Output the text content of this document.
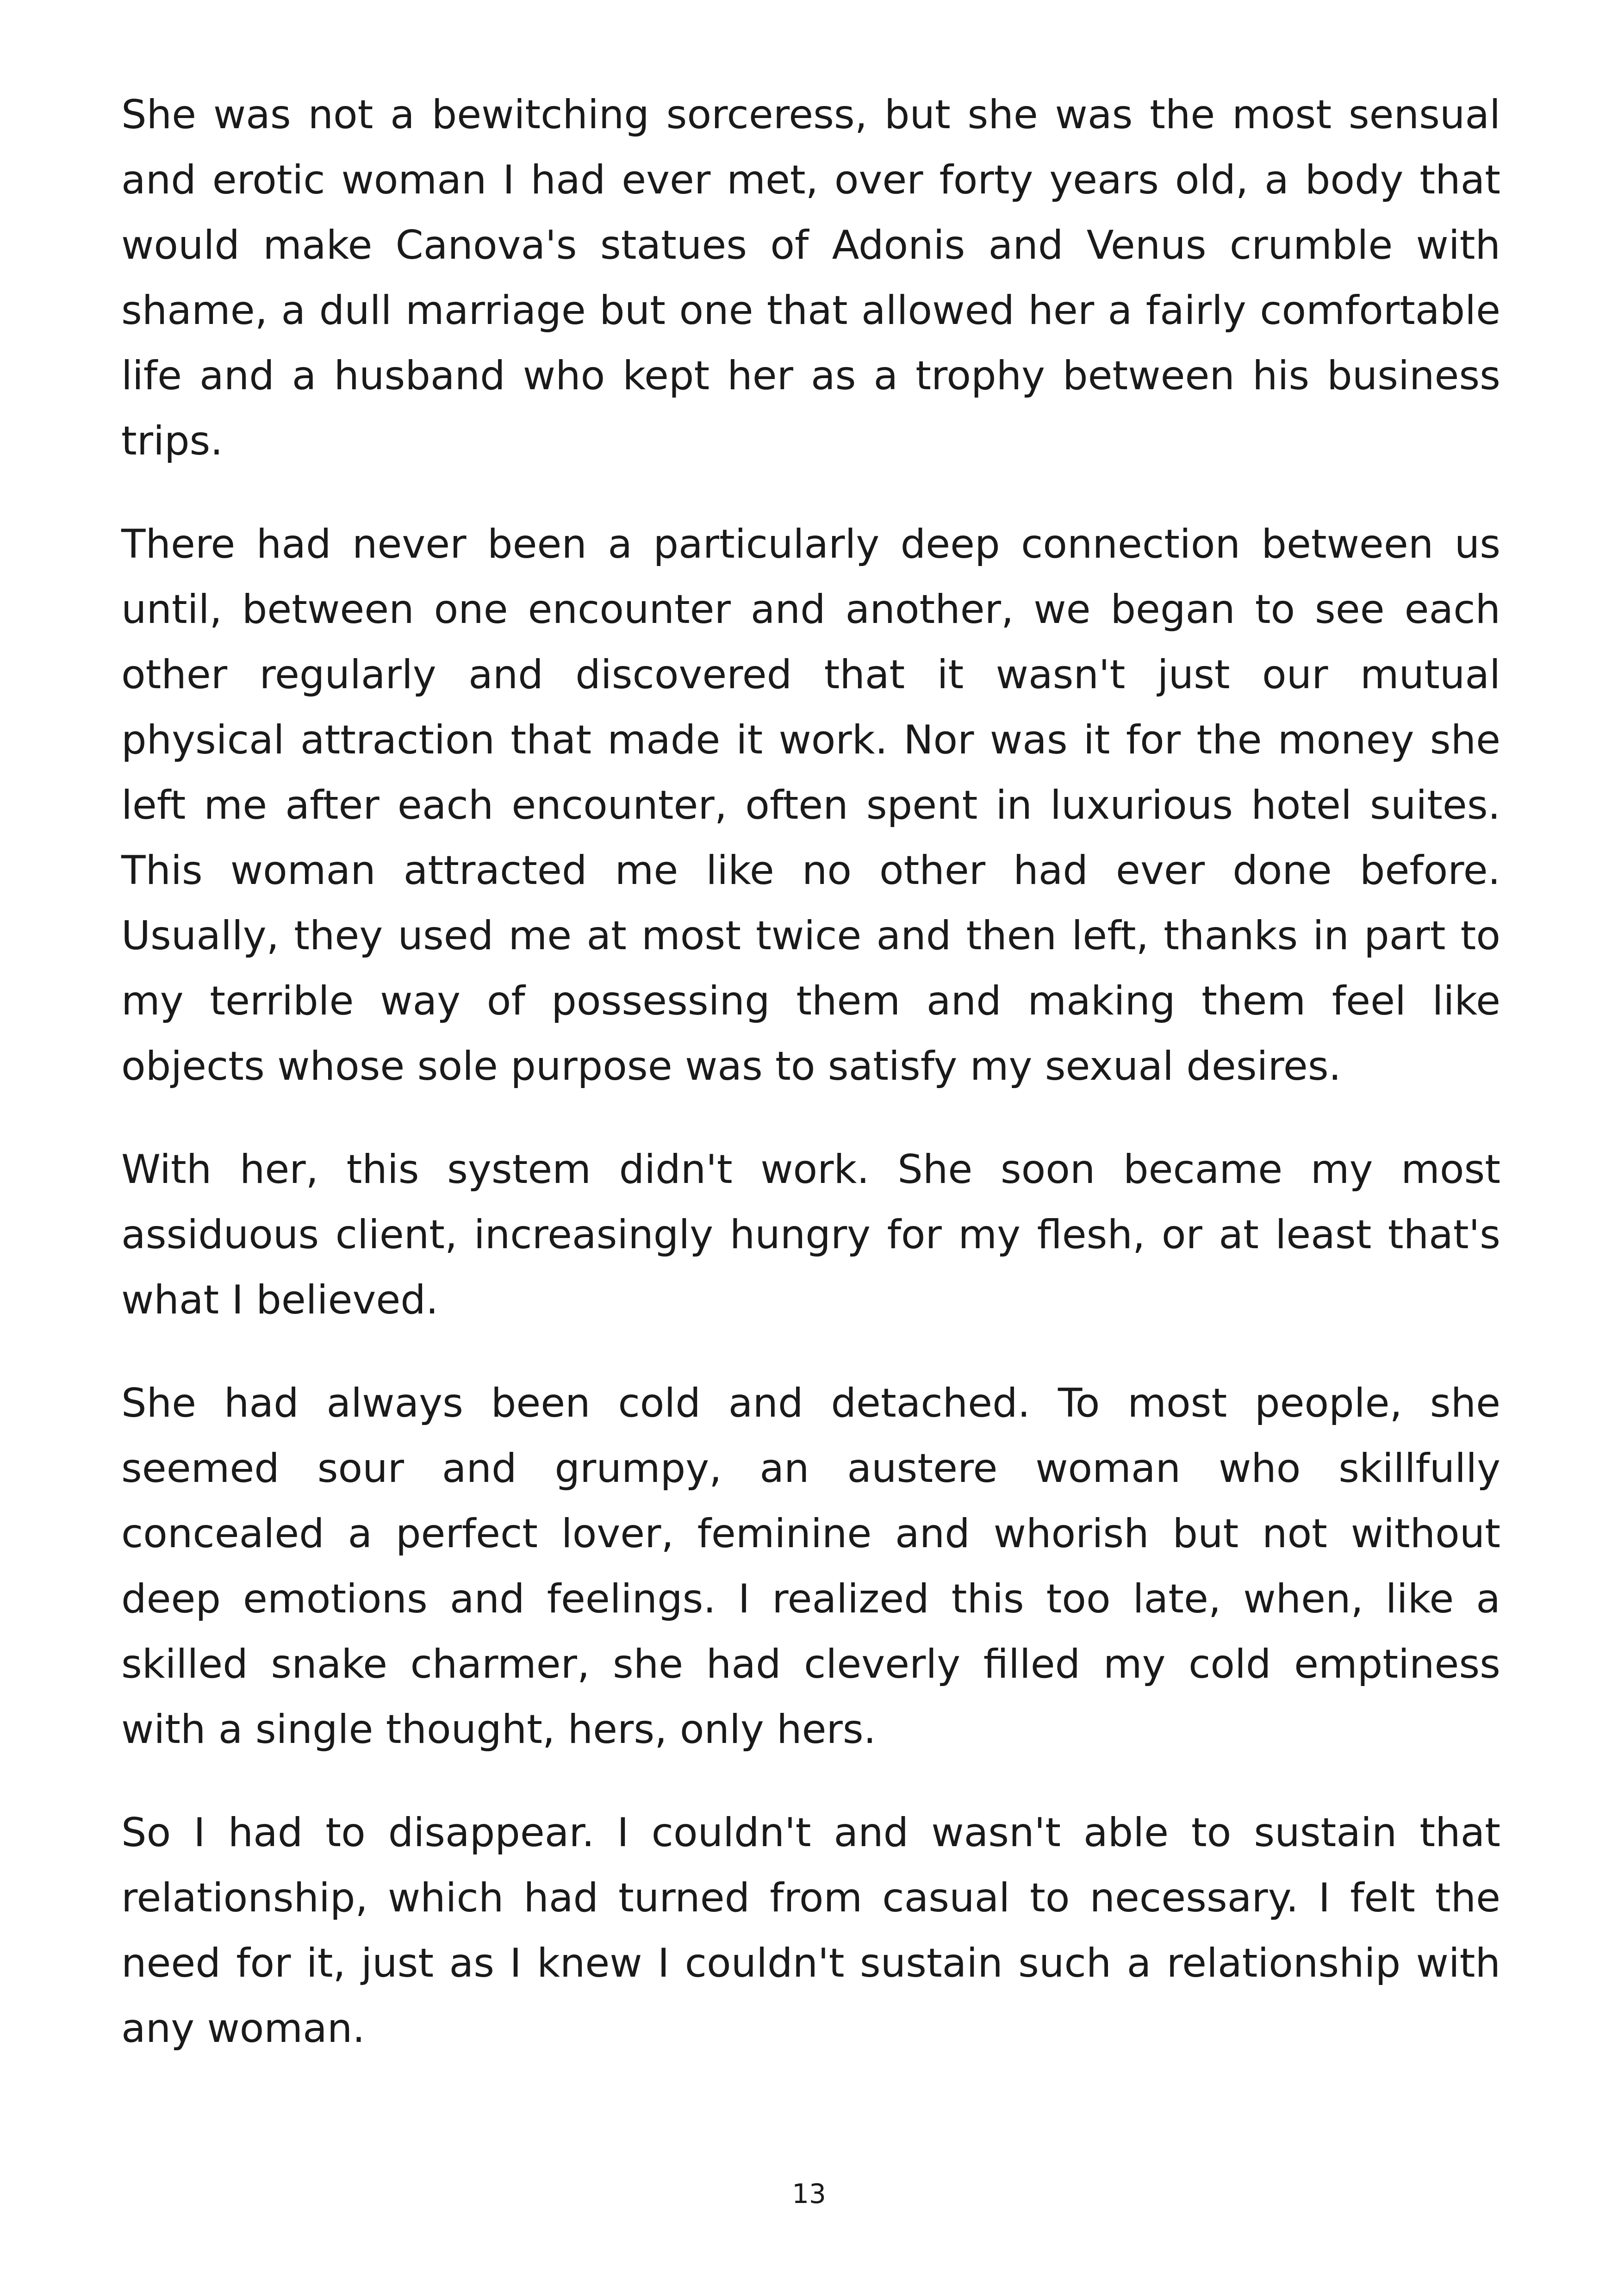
She was not a bewitching sorceress, but she was the most sensual and erotic woman I had ever met, over forty years old, a body that would make Canova's statues of Adonis and Venus crumble with shame, a dull marriage but one that allowed her a fairly comfortable life and a husband who kept her as a trophy between his business trips.

There had never been a particularly deep connection between us until, between one encounter and another, we began to see each other regularly and discovered that it wasn't just our mutual physical attraction that made it work. Nor was it for the money she left me after each encounter, often spent in luxurious hotel suites. This woman attracted me like no other had ever done before. Usually, they used me at most twice and then left, thanks in part to my terrible way of possessing them and making them feel like objects whose sole purpose was to satisfy my sexual desires.

With her, this system didn't work. She soon became my most assiduous client, increasingly hungry for my flesh, or at least that's what I believed.

She had always been cold and detached. To most people, she seemed sour and grumpy, an austere woman who skillfully concealed a perfect lover, feminine and whorish but not without deep emotions and feelings. I realized this too late, when, like a skilled snake charmer, she had cleverly filled my cold emptiness with a single thought, hers, only hers.

So I had to disappear. I couldn't and wasn't able to sustain that relationship, which had turned from casual to necessary. I felt the need for it, just as I knew I couldn't sustain such a relationship with any woman.

13
